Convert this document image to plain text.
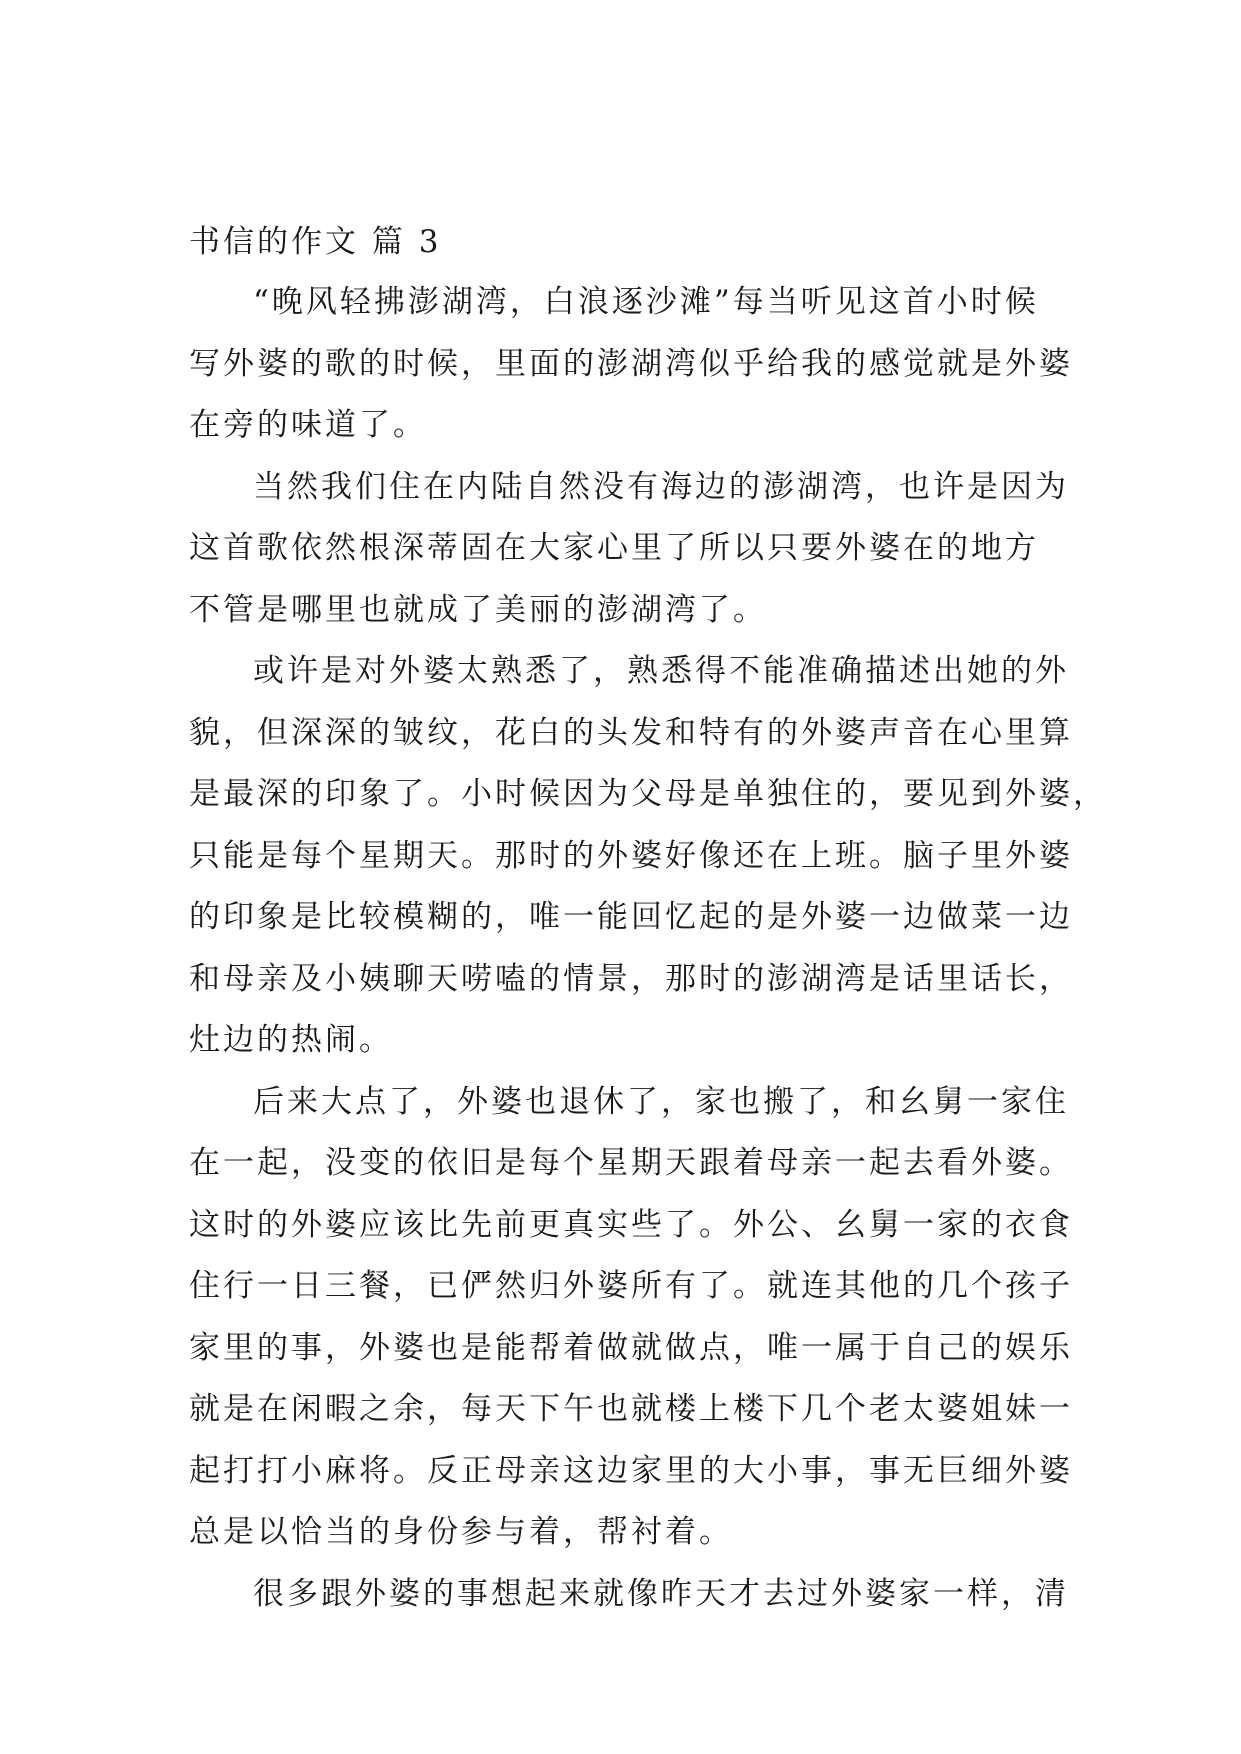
书信的作文 篇 3
“晚风轻拂澎湖湾，白浪逐沙滩”每当听见这首小时候
写外婆的歌的时候，里面的澎湖湾似乎给我的感觉就是外婆
在旁的味道了。
当然我们住在内陆自然没有海边的澎湖湾，也许是因为
这首歌依然根深蒂固在大家心里了所以只要外婆在的地方
不管是哪里也就成了美丽的澎湖湾了。
或许是对外婆太熟悉了，熟悉得不能准确描述出她的外
貌，但深深的皱纹，花白的头发和特有的外婆声音在心里算
是最深的印象了。小时候因为父母是单独住的，要见到外婆，
只能是每个星期天。那时的外婆好像还在上班。脑子里外婆
的印象是比较模糊的，唯一能回忆起的是外婆一边做菜一边
和母亲及小姨聊天唠嗑的情景，那时的澎湖湾是话里话长，
灶边的热闹。
后来大点了，外婆也退休了，家也搬了，和幺舅一家住
在一起，没变的依旧是每个星期天跟着母亲一起去看外婆。
这时的外婆应该比先前更真实些了。外公、幺舅一家的衣食
住行一日三餐，已俨然归外婆所有了。就连其他的几个孩子
家里的事，外婆也是能帮着做就做点，唯一属于自己的娱乐
就是在闲暇之余，每天下午也就楼上楼下几个老太婆姐妹一
起打打小麻将。反正母亲这边家里的大小事，事无巨细外婆
总是以恰当的身份参与着，帮衬着。
很多跟外婆的事想起来就像昨天才去过外婆家一样，清
